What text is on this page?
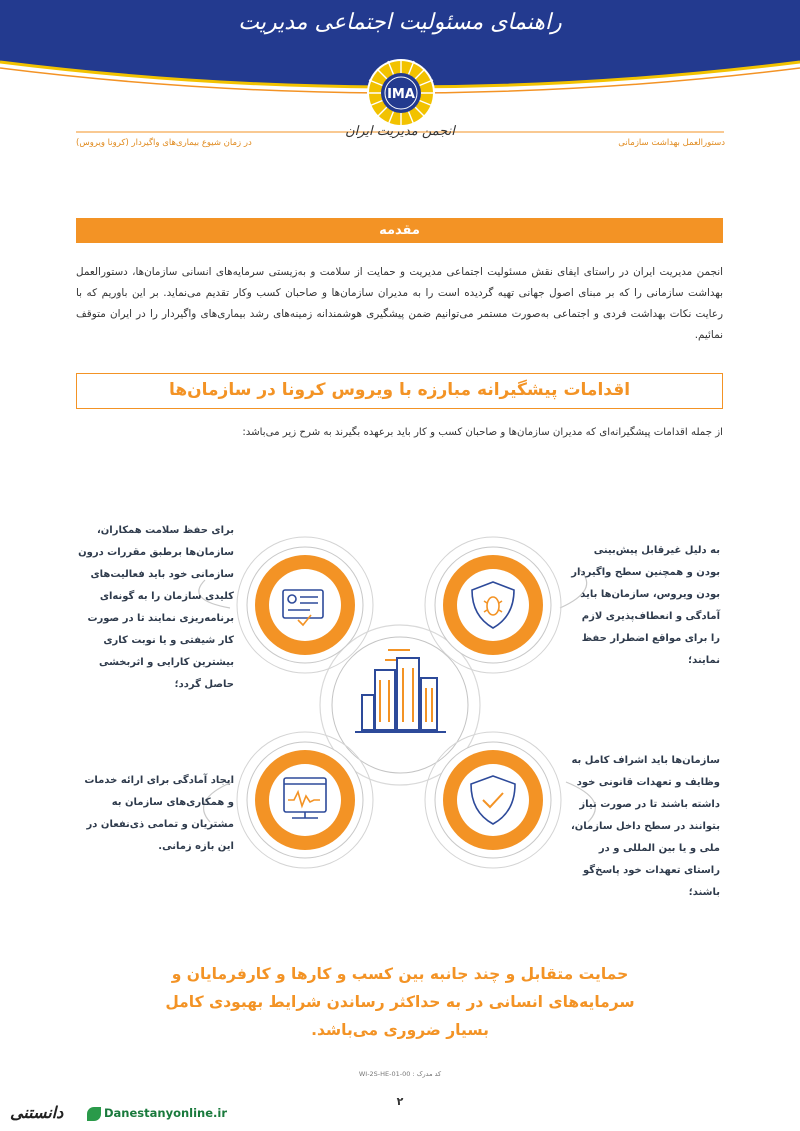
راهنمای مسئولیت اجتماعی مدیریت
IMA
انجمن مدیریت ایران
در زمان شیوع بیماری‌های واگیردار (کرونا ویروس)	دستورالعمل بهداشت سازمانی
مقدمه

انجمن مدیریت ایران در راستای ایفای نقش مسئولیت اجتماعی مدیریت و حمایت از سلامت و به‌زیستی سرمایه‌های انسانی سازمان‌ها، دستورالعمل بهداشت سازمانی را که بر مبنای اصول جهانی تهیه گردیده است را به مدیران سازمان‌ها و صاحبان کسب وکار تقدیم می‌نماید. بر این باوریم که با رعایت نکات بهداشت فردی و اجتماعی به‌صورت مستمر می‌توانیم ضمن پیشگیری هوشمندانه زمینه‌های رشد بیماری‌های واگیردار را در ایران متوقف نمائیم.

اقدامات پیشگیرانه مبارزه با ویروس کرونا در سازمان‌ها

از جمله اقدامات پیشگیرانه‌ای که مدیران سازمان‌ها و صاحبان کسب و کار باید برعهده بگیرند به شرح زیر می‌باشد:

به دلیل غیرقابل پیش‌بینی بودن و همچنین سطح واگیردار بودن ویروس، سازمان‌ها باید آمادگی و انعطاف‌پذیری لازم را برای مواقع اضطرار حفظ نمایند؛
برای حفظ سلامت همکاران، سازمان‌ها برطبق مقررات درون سازمانی خود باید فعالیت‌های کلیدی سازمان را به گونه‌ای برنامه‌ریزی نمایند تا در صورت کار شیفتی و یا نوبت کاری بیشترین کارایی و اثربخشی حاصل گردد؛
سازمان‌ها باید اشراف کامل به وظایف و تعهدات قانونی خود داشته باشند تا در صورت نیاز بتوانند در سطح داخل سازمان، ملی و یا بین المللی و در راستای تعهدات خود پاسخ‌گو باشند؛
ایجاد آمادگی برای ارائه خدمات و همکاری‌های سازمان به مشتریان و تمامی ذی‌نفعان در این بازه زمانی.
حمایت متقابل و چند جانبه بین کسب و کارها و کارفرمایان و سرمایه‌های انسانی در به حداکثر رساندن شرایط بهبودی کامل بسیار ضروری می‌باشد.
کد مدرک : WI-2S-HE-01-00
۲
دانستنی	Danestanyonline.ir
